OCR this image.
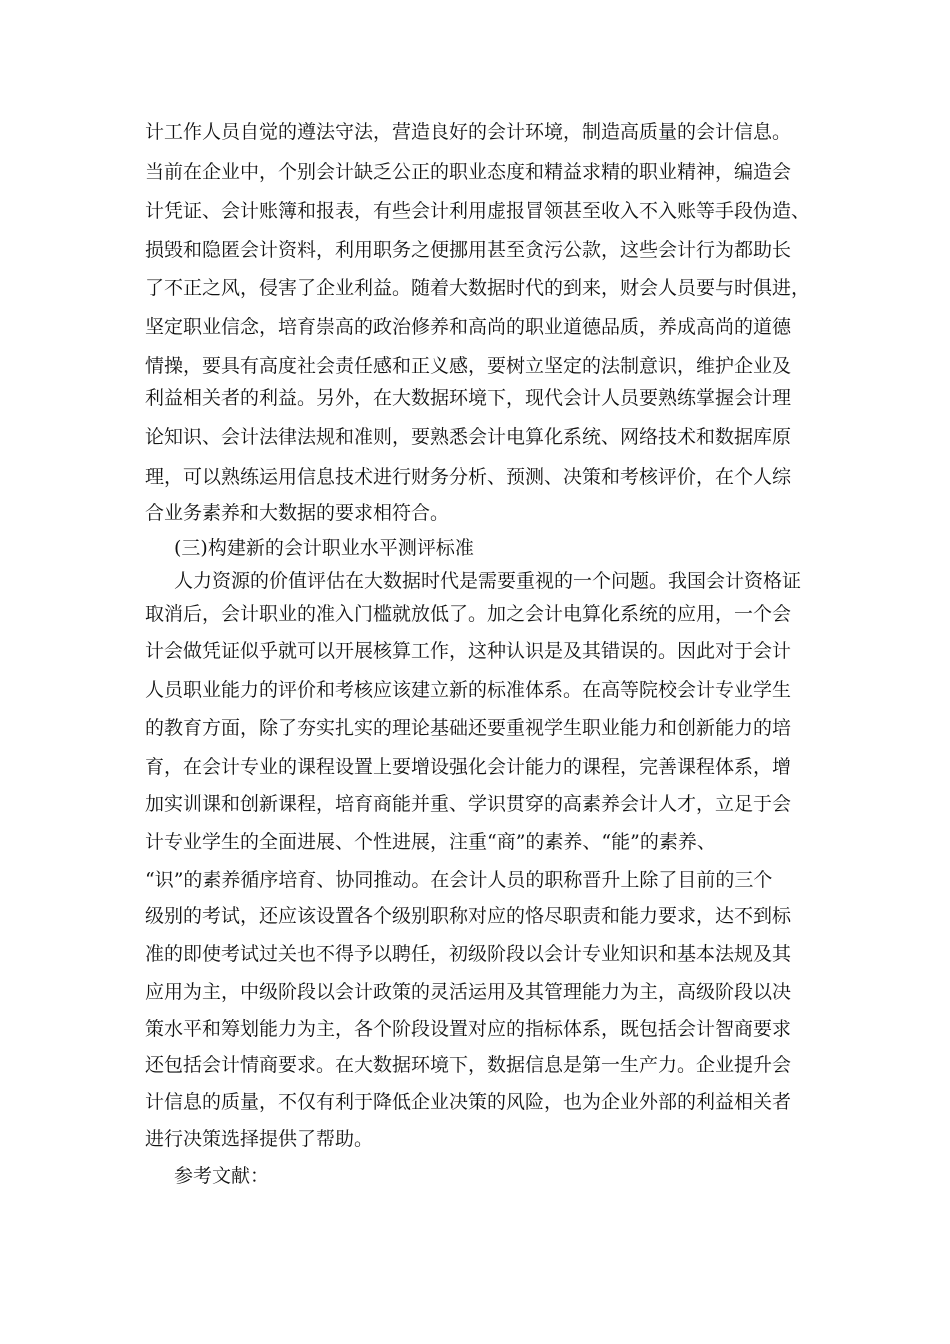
计工作人员自觉的遵法守法，营造良好的会计环境，制造高质量的会计信息。
当前在企业中，个别会计缺乏公正的职业态度和精益求精的职业精神，编造会
计凭证、会计账簿和报表，有些会计利用虚报冒领甚至收入不入账等手段伪造、
损毁和隐匿会计资料，利用职务之便挪用甚至贪污公款，这些会计行为都助长
了不正之风，侵害了企业利益。随着大数据时代的到来，财会人员要与时俱进，
坚定职业信念，培育崇高的政治修养和高尚的职业道德品质，养成高尚的道德
情操，要具有高度社会责任感和正义感，要树立坚定的法制意识，维护企业及
利益相关者的利益。另外，在大数据环境下，现代会计人员要熟练掌握会计理
论知识、会计法律法规和准则，要熟悉会计电算化系统、网络技术和数据库原
理，可以熟练运用信息技术进行财务分析、预测、决策和考核评价，在个人综
合业务素养和大数据的要求相符合。
(三)构建新的会计职业水平测评标准
人力资源的价值评估在大数据时代是需要重视的一个问题。我国会计资格证
取消后，会计职业的准入门槛就放低了。加之会计电算化系统的应用，一个会
计会做凭证似乎就可以开展核算工作，这种认识是及其错误的。因此对于会计
人员职业能力的评价和考核应该建立新的标准体系。在高等院校会计专业学生
的教育方面，除了夯实扎实的理论基础还要重视学生职业能力和创新能力的培
育，在会计专业的课程设置上要增设强化会计能力的课程，完善课程体系，增
加实训课和创新课程，培育商能并重、学识贯穿的高素养会计人才，立足于会
计专业学生的全面进展、个性进展，注重“商”的素养、“能”的素养、
“识”的素养循序培育、协同推动。在会计人员的职称晋升上除了目前的三个
级别的考试，还应该设置各个级别职称对应的恪尽职责和能力要求，达不到标
准的即使考试过关也不得予以聘任，初级阶段以会计专业知识和基本法规及其
应用为主，中级阶段以会计政策的灵活运用及其管理能力为主，高级阶段以决
策水平和筹划能力为主，各个阶段设置对应的指标体系，既包括会计智商要求
还包括会计情商要求。在大数据环境下，数据信息是第一生产力。企业提升会
计信息的质量，不仅有利于降低企业决策的风险，也为企业外部的利益相关者
进行决策选择提供了帮助。
参考文献：
